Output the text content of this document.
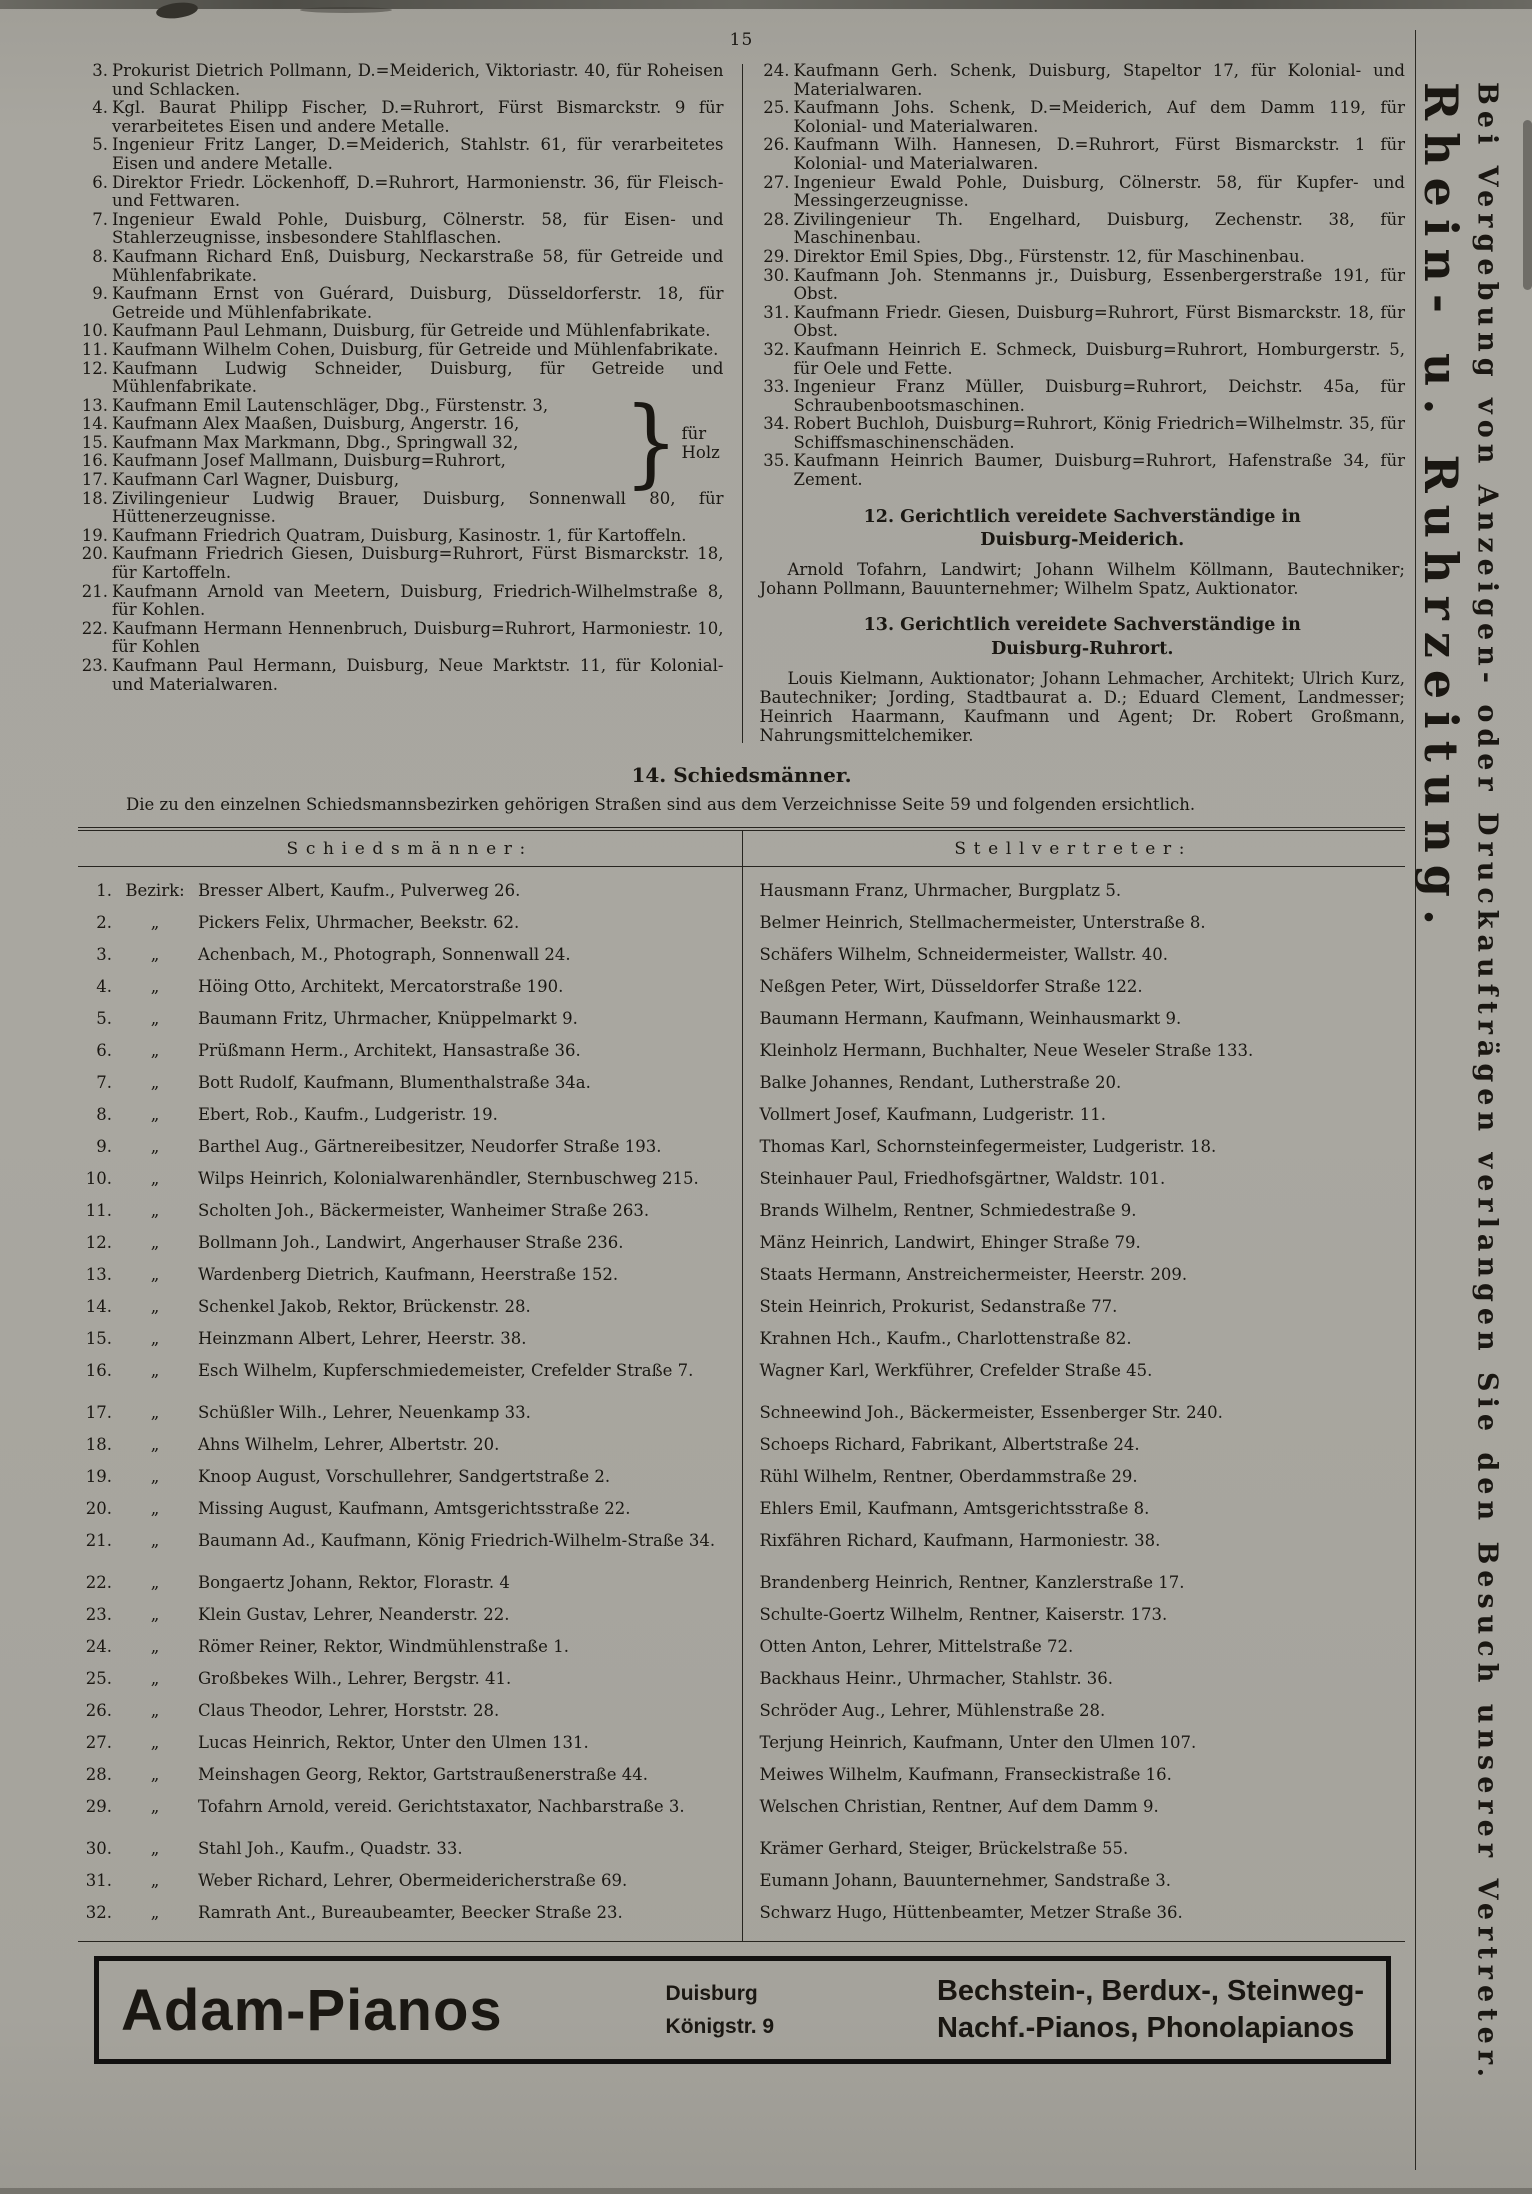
15

3. Prokurist Dietrich Pollmann, D.=Meiderich, Viktoriastr. 40, für Roheisen und Schlacken.

4. Kgl. Baurat Philipp Fischer, D.=Ruhrort, Fürst Bismarckstr. 9 für verarbeitetes Eisen und andere Metalle.

5. Ingenieur Fritz Langer, D.=Meiderich, Stahlstr. 61, für verarbeitetes Eisen und andere Metalle.

6. Direktor Friedr. Löckenhoff, D.=Ruhrort, Harmonienstr. 36, für Fleisch- und Fettwaren.

7. Ingenieur Ewald Pohle, Duisburg, Cölnerstr. 58, für Eisen- und Stahlerzeugnisse, insbesondere Stahlflaschen.

8. Kaufmann Richard Enß, Duisburg, Neckarstraße 58, für Getreide und Mühlenfabrikate.

9. Kaufmann Ernst von Guérard, Duisburg, Düsseldorferstr. 18, für Getreide und Mühlenfabrikate.

10. Kaufmann Paul Lehmann, Duisburg, für Getreide und Mühlenfabrikate.

11. Kaufmann Wilhelm Cohen, Duisburg, für Getreide und Mühlenfabrikate.

12. Kaufmann Ludwig Schneider, Duisburg, für Getreide und Mühlenfabrikate.

13. Kaufmann Emil Lautenschläger, Dbg., Fürstenstr. 3,

14. Kaufmann Alex Maaßen, Duisburg, Angerstr. 16,

15. Kaufmann Max Markmann, Dbg., Springwall 32,

16. Kaufmann Josef Mallmann, Duisburg=Ruhrort,

17. Kaufmann Carl Wagner, Duisburg,	} für Holz

18. Zivilingenieur Ludwig Brauer, Duisburg, Sonnenwall 80, für Hüttenerzeugnisse.

19. Kaufmann Friedrich Quatram, Duisburg, Kasinostr. 1, für Kartoffeln.

20. Kaufmann Friedrich Giesen, Duisburg=Ruhrort, Fürst Bismarckstr. 18, für Kartoffeln.

21. Kaufmann Arnold van Meetern, Duisburg, Friedrich-Wilhelmstraße 8, für Kohlen.

22. Kaufmann Hermann Hennenbruch, Duisburg=Ruhrort, Harmoniestr. 10, für Kohlen

23. Kaufmann Paul Hermann, Duisburg, Neue Marktstr. 11, für Kolonial- und Materialwaren.

24. Kaufmann Gerh. Schenk, Duisburg, Stapeltor 17, für Kolonial- und Materialwaren.

25. Kaufmann Johs. Schenk, D.=Meiderich, Auf dem Damm 119, für Kolonial- und Materialwaren.

26. Kaufmann Wilh. Hannesen, D.=Ruhrort, Fürst Bismarckstr. 1 für Kolonial- und Materialwaren.

27. Ingenieur Ewald Pohle, Duisburg, Cölnerstr. 58, für Kupfer- und Messingerzeugnisse.

28. Zivilingenieur Th. Engelhard, Duisburg, Zechenstr. 38, für Maschinenbau.

29. Direktor Emil Spies, Dbg., Fürstenstr. 12, für Maschinenbau.

30. Kaufmann Joh. Stenmanns jr., Duisburg, Essenbergerstraße 191, für Obst.

31. Kaufmann Friedr. Giesen, Duisburg=Ruhrort, Fürst Bismarckstr. 18, für Obst.

32. Kaufmann Heinrich E. Schmeck, Duisburg=Ruhrort, Homburgerstr. 5, für Oele und Fette.

33. Ingenieur Franz Müller, Duisburg=Ruhrort, Deichstr. 45a, für Schraubenbootsmaschinen.

34. Robert Buchloh, Duisburg=Ruhrort, König Friedrich=Wilhelmstr. 35, für Schiffsmaschinenschäden.

35. Kaufmann Heinrich Baumer, Duisburg=Ruhrort, Hafenstraße 34, für Zement.

12. Gerichtlich vereidete Sachverständige in
Duisburg-Meiderich.

Arnold Tofahrn, Landwirt; Johann Wilhelm Köllmann, Bautechniker; Johann Pollmann, Bauunternehmer; Wilhelm Spatz, Auktionator.

13. Gerichtlich vereidete Sachverständige in
Duisburg-Ruhrort.

Louis Kielmann, Auktionator; Johann Lehmacher, Architekt; Ulrich Kurz, Bautechniker; Jording, Stadtbaurat a. D.; Eduard Clement, Landmesser; Heinrich Haarmann, Kaufmann und Agent; Dr. Robert Großmann, Nahrungsmittelchemiker.

14. Schiedsmänner.

Die zu den einzelnen Schiedsmannsbezirken gehörigen Straßen sind aus dem Verzeichnisse Seite 59 und folgenden ersichtlich.

Schiedsmänner:	Stellvertreter:
1. Bezirk: Bresser Albert, Kaufm., Pulverweg 26.	Hausmann Franz, Uhrmacher, Burgplatz 5.
2. „ Pickers Felix, Uhrmacher, Beekstr. 62.	Belmer Heinrich, Stellmachermeister, Unterstraße 8.
3. „ Achenbach, M., Photograph, Sonnenwall 24.	Schäfers Wilhelm, Schneidermeister, Wallstr. 40.
4. „ Höing Otto, Architekt, Mercatorstraße 190.	Neßgen Peter, Wirt, Düsseldorfer Straße 122.
5. „ Baumann Fritz, Uhrmacher, Knüppelmarkt 9.	Baumann Hermann, Kaufmann, Weinhausmarkt 9.
6. „ Prüßmann Herm., Architekt, Hansastraße 36.	Kleinholz Hermann, Buchhalter, Neue Weseler Straße 133.
7. „ Bott Rudolf, Kaufmann, Blumenthalstraße 34a.	Balke Johannes, Rendant, Lutherstraße 20.
8. „ Ebert, Rob., Kaufm., Ludgeristr. 19.	Vollmert Josef, Kaufmann, Ludgeristr. 11.
9. „ Barthel Aug., Gärtnereibesitzer, Neudorfer Straße 193.	Thomas Karl, Schornsteinfegermeister, Ludgeristr. 18.
10. „ Wilps Heinrich, Kolonialwarenhändler, Sternbuschweg 215.	Steinhauer Paul, Friedhofsgärtner, Waldstr. 101.
11. „ Scholten Joh., Bäckermeister, Wanheimer Straße 263.	Brands Wilhelm, Rentner, Schmiedestraße 9.
12. „ Bollmann Joh., Landwirt, Angerhauser Straße 236.	Mänz Heinrich, Landwirt, Ehinger Straße 79.
13. „ Wardenberg Dietrich, Kaufmann, Heerstraße 152.	Staats Hermann, Anstreichermeister, Heerstr. 209.
14. „ Schenkel Jakob, Rektor, Brückenstr. 28.	Stein Heinrich, Prokurist, Sedanstraße 77.
15. „ Heinzmann Albert, Lehrer, Heerstr. 38.	Krahnen Hch., Kaufm., Charlottenstraße 82.
16. „ Esch Wilhelm, Kupferschmiedemeister, Crefelder Straße 7.	Wagner Karl, Werkführer, Crefelder Straße 45.
17. „ Schüßler Wilh., Lehrer, Neuenkamp 33.	Schneewind Joh., Bäckermeister, Essenberger Str. 240.
18. „ Ahns Wilhelm, Lehrer, Albertstr. 20.	Schoeps Richard, Fabrikant, Albertstraße 24.
19. „ Knoop August, Vorschullehrer, Sandgertstraße 2.	Rühl Wilhelm, Rentner, Oberdammstraße 29.
20. „ Missing August, Kaufmann, Amtsgerichtsstraße 22.	Ehlers Emil, Kaufmann, Amtsgerichtsstraße 8.
21. „ Baumann Ad., Kaufmann, König Friedrich-Wilhelm-Straße 34.	Rixfähren Richard, Kaufmann, Harmoniestr. 38.
22. „ Bongaertz Johann, Rektor, Florastr. 4	Brandenberg Heinrich, Rentner, Kanzlerstraße 17.
23. „ Klein Gustav, Lehrer, Neanderstr. 22.	Schulte-Goertz Wilhelm, Rentner, Kaiserstr. 173.
24. „ Römer Reiner, Rektor, Windmühlenstraße 1.	Otten Anton, Lehrer, Mittelstraße 72.
25. „ Großbekes Wilh., Lehrer, Bergstr. 41.	Backhaus Heinr., Uhrmacher, Stahlstr. 36.
26. „ Claus Theodor, Lehrer, Horststr. 28.	Schröder Aug., Lehrer, Mühlenstraße 28.
27. „ Lucas Heinrich, Rektor, Unter den Ulmen 131.	Terjung Heinrich, Kaufmann, Unter den Ulmen 107.
28. „ Meinshagen Georg, Rektor, Gartstraußenerstraße 44.	Meiwes Wilhelm, Kaufmann, Franseckistraße 16.
29. „ Tofahrn Arnold, vereid. Gerichtstaxator, Nachbarstraße 3.	Welschen Christian, Rentner, Auf dem Damm 9.
30. „ Stahl Joh., Kaufm., Quadstr. 33.	Krämer Gerhard, Steiger, Brückelstraße 55.
31. „ Weber Richard, Lehrer, Obermeidericherstraße 69.	Eumann Johann, Bauunternehmer, Sandstraße 3.
32. „ Ramrath Ant., Bureaubeamter, Beecker Straße 23.	Schwarz Hugo, Hüttenbeamter, Metzer Straße 36.
Adam-Pianos	Duisburg
Königstr. 9
Bechstein-, Berdux-, Steinweg-
Nachf.-Pianos, Phonolapianos
Rhein- u. Ruhrzeitung. Bei Vergebung von Anzeigen- oder Druckaufträgen verlangen Sie den Besuch unserer Vertreter.
